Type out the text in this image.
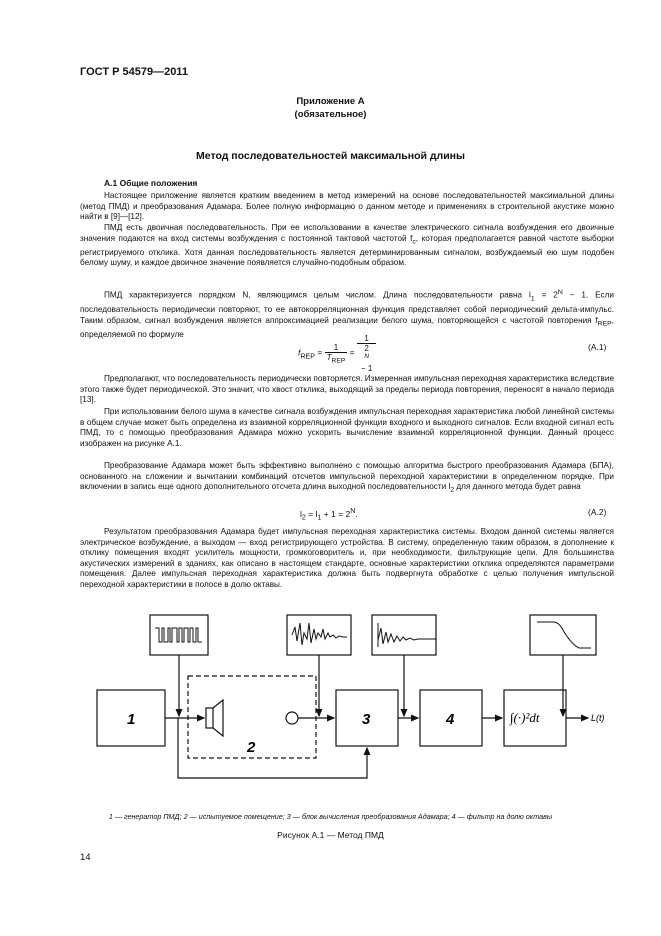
ГОСТ Р 54579—2011
Приложение А
(обязательное)
Метод последовательностей максимальной длины
А.1 Общие положения

Настоящее приложение является кратким введением в метод измерений на основе последовательностей максимальной длины (метод ПМД) и преобразования Адамара. Более полную информацию о данном методе и применениях в строительной акустике можно найти в [9]—[12].

ПМД есть двоичная последовательность. При ее использовании в качестве электрического сигнала возбуждения его двоичные значения подаются на вход системы возбуждения с постоянной тактовой частотой $f_c$, которая предполагается равной частоте выборки регистрируемого отклика. Хотя данная последовательность является детерминированным сигналом, возбуждаемый ею шум подобен белому шуму, и каждое двоичное значение появляется случайно-подобным образом.

ПМД характеризуется порядком N, являющимся целым числом. Длина последовательности равна $l_1 = 2^N - 1$. Если последовательность периодически повторяют, то ее автокорреляционная функция представляет собой периодический дельта-импульс. Таким образом, сигнал возбуждения является аппроксимацией реализации белого шума, повторяющейся с частотой повторения $f_{REP}$, определяемой по формуле

$f_{REP} = \frac{1}{T_{REP}} = 1$
2
$^N$
− 1	(А.1)

Предполагают, что последовательность периодически повторяется. Измеренная импульсная переходная характеристика вследствие этого также будет периодической. Это значит, что хвост отклика, выходящий за пределы периода повторения, переносят в начало периода [13].

При использовании белого шума в качестве сигнала возбуждения импульсная переходная характеристика любой линейной системы в общем случае может быть определена из взаимной корреляционной функции входного и выходного сигналов. Если входной сигнал есть ПМД, то с помощью преобразования Адамара можно ускорить вычисление взаимной корреляционной функции. Данный процесс изображен на рисунке А.1.

Преобразование Адамара может быть эффективно выполнено с помощью алгоритма быстрого преобразования Адамара (БПА), основанного на сложении и вычитании комбинаций отсчетов импульсной переходной характеристики в определенном порядке. При включении в запись еще одного дополнительного отсчета длина выходной последовательности $l_2$ для данного метода будет равна

$l_2 = l_1 + 1 = 2^N$.	(А.2)

Результатом преобразования Адамара будет импульсная переходная характеристика системы. Входом данной системы является электрическое возбуждение, а выходом — вход регистрирующего устройства. В систему, определенную таким образом, в дополнение к отклику помещения входят усилитель мощности, громкоговоритель и, при необходимости, фильтрующие цепи. Для большинства акустических измерений в зданиях, как описано в настоящем стандарте, основные характеристики отклика определяются параметрами помещения. Далее импульсная переходная характеристика должна быть подвергнута обработке с целью получения импульсной переходной характеристики в полосе в долю октавы.

1
2
3	4	∫(·)²dt	L(t)
1 — генератор ПМД; 2 — испытуемое помещение; 3 — блок вычисления преобразования Адамара; 4 — фильтр на долю октавы
Рисунок А.1 — Метод ПМД
14
